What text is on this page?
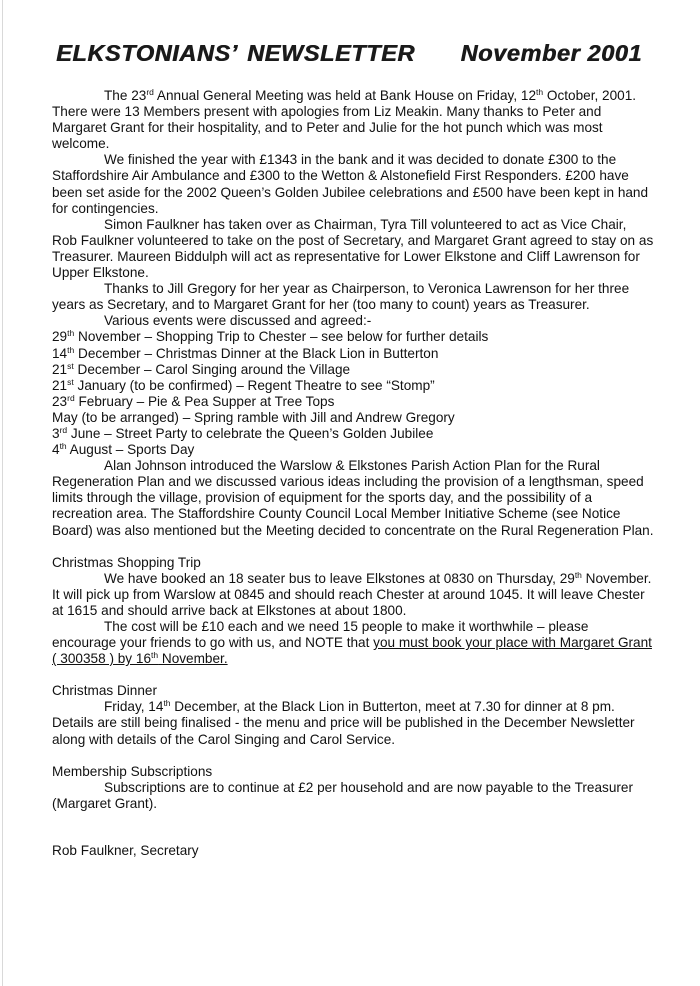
ELKSTONIANS’ NEWSLETTER November 2001

The 23rd Annual General Meeting was held at Bank House on Friday, 12th October, 2001. There were 13 Members present with apologies from Liz Meakin. Many thanks to Peter and Margaret Grant for their hospitality, and to Peter and Julie for the hot punch which was most welcome.

We finished the year with £1343 in the bank and it was decided to donate £300 to the Staffordshire Air Ambulance and £300 to the Wetton & Alstonefield First Responders. £200 have been set aside for the 2002 Queen’s Golden Jubilee celebrations and £500 have been kept in hand for contingencies.

Simon Faulkner has taken over as Chairman, Tyra Till volunteered to act as Vice Chair, Rob Faulkner volunteered to take on the post of Secretary, and Margaret Grant agreed to stay on as Treasurer. Maureen Biddulph will act as representative for Lower Elkstone and Cliff Lawrenson for Upper Elkstone.

Thanks to Jill Gregory for her year as Chairperson, to Veronica Lawrenson for her three years as Secretary, and to Margaret Grant for her (too many to count) years as Treasurer.

Various events were discussed and agreed:-

29th November – Shopping Trip to Chester – see below for further details

14th December – Christmas Dinner at the Black Lion in Butterton

21st December – Carol Singing around the Village

21st January (to be confirmed) – Regent Theatre to see “Stomp”

23rd February – Pie & Pea Supper at Tree Tops

May (to be arranged) – Spring ramble with Jill and Andrew Gregory

3rd June – Street Party to celebrate the Queen’s Golden Jubilee

4th August – Sports Day

Alan Johnson introduced the Warslow & Elkstones Parish Action Plan for the Rural Regeneration Plan and we discussed various ideas including the provision of a lengthsman, speed limits through the village, provision of equipment for the sports day, and the possibility of a recreation area. The Staffordshire County Council Local Member Initiative Scheme (see Notice Board) was also mentioned but the Meeting decided to concentrate on the Rural Regeneration Plan.

Christmas Shopping Trip

We have booked an 18 seater bus to leave Elkstones at 0830 on Thursday, 29th November. It will pick up from Warslow at 0845 and should reach Chester at around 1045. It will leave Chester at 1615 and should arrive back at Elkstones at about 1800.

The cost will be £10 each and we need 15 people to make it worthwhile – please encourage your friends to go with us, and NOTE that you must book your place with Margaret Grant ( 300358 ) by 16th November.

Christmas Dinner

Friday, 14th December, at the Black Lion in Butterton, meet at 7.30 for dinner at 8 pm. Details are still being finalised - the menu and price will be published in the December Newsletter along with details of the Carol Singing and Carol Service.

Membership Subscriptions

Subscriptions are to continue at £2 per household and are now payable to the Treasurer (Margaret Grant).

Rob Faulkner, Secretary
